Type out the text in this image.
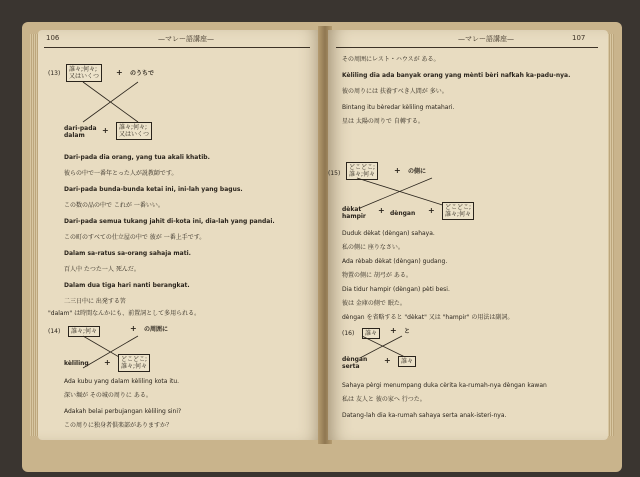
106	—マレー語講座—
(13)
誰々;何々;
又はいくつ	+ のうちで
dari-pada
dalam
+	誰々;何々;
又はいくつ
Dari-pada dia orang, yang tua akali khatib.
彼らの中で一番年とった人が説教師です。
Dari-pada bunda-bunda ketai ini, ini-lah yang bagus.
この数の品の中で これが 一番いい。
Dari-pada semua tukang jahit di-kota ini, dia-lah yang pandai.
この町のすべての仕立屋の中で 彼が 一番上手です。
Dalam sa-ratus sa-orang sahaja mati.
百人中 たつた一人 死んだ。
Dalam dua tiga hari nanti berangkat.
二三日中に 出発する筈
"dalam" は時間なんかにも、前置詞として多用られる。
(14)	誰々;何々	+ の周囲に
kèliling +	どこどこ;
誰々;何々
Ada kubu yang dalam kèliling kota itu.
深い堀が その城の周りに ある。
Adakah belai perbujangan kèliling sini?
この周りに独身者倶楽部がありますか？
—マレー語講座—	107
その周囲にレスト・ハウスが ある。
Kèliling dia ada banyak orang yang mènti bèri nafkah ka-padu-nya.
彼の周りには 扶養すべき人間が 多い。
Bintang itu bèredar kèliling matahari.
星は 太陽の周りで 自轉する。
(15)
どこどこ;
誰々;何々	+ の側に
dèkat
hampir
+ dèngan +	どこどこ;
誰々;何々
Duduk dèkat (dèngan) sahaya.
私の側に 座りなさい。
Ada rèbab dèkat (dèngan) gudang.
物置の側に 胡弓が ある。
Dia tidur hampir (dèngan) pèti besi.
彼は 金庫の側で 眠た。
dèngan を省略すると "dèkat" 又は "hampir" の用法は副詞。
(16)	誰々	+ と
dèngan
serta
+	誰々
Sahaya pèrgi menumpang duka cèrita ka-rumah-nya dèngan kawan
私は 友人と 彼の家へ 行つた。
Datang-lah dia ka-rumah sahaya serta anak-isteri-nya.
